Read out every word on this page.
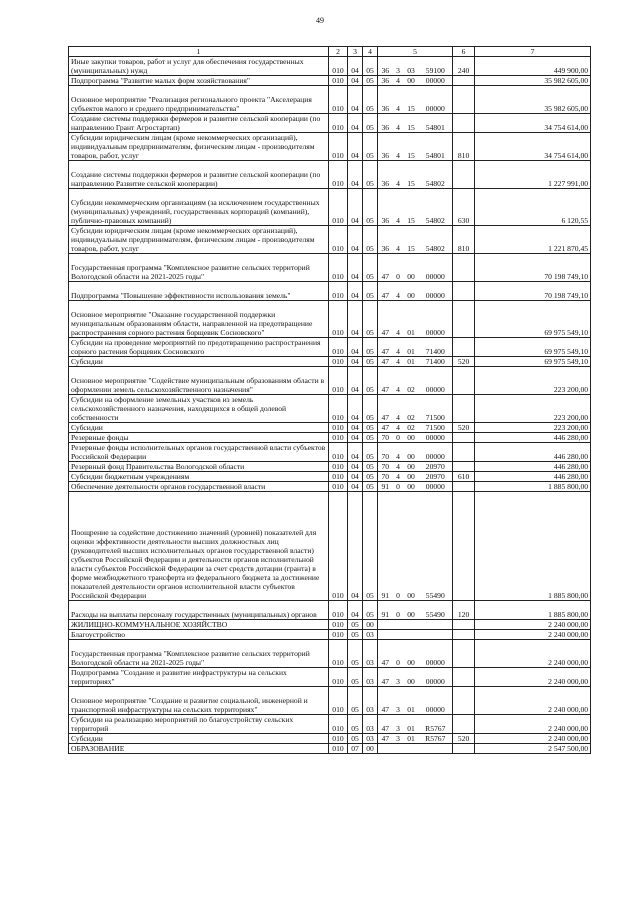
49
1	2	3	4	5				6	7
Иные закупки товаров, работ и услуг для обеспечения государственных (муниципальных) нужд	010	04	05	36	3	03	59100	240	449 900,00
Подпрограмма "Развитие малых форм хозяйствования"	010	04	05	36	4	00	00000		35 982 605,00
Основное мероприятие "Реализация регионального проекта "Акселерация субъектов малого и среднего предпринимательства"	010	04	05	36	4	15	00000		35 982 605,00
Создание системы поддержки фермеров и развитие сельской кооперации (по направлению Грант Агростартап)	010	04	05	36	4	15	54801		34 754 614,00
Субсидии юридическим лицам (кроме некоммерческих организаций), индивидуальным предпринимателям, физическим лицам - производителям товаров, работ, услуг	010	04	05	36	4	15	54801	810	34 754 614,00
Создание системы поддержки фермеров и развитие сельской кооперации (по направлению Развитие сельской кооперации)	010	04	05	36	4	15	54802		1 227 991,00
Субсидии некоммерческим организациям (за исключением государственных (муниципальных) учреждений, государственных корпораций (компаний), публично-правовых компаний)	010	04	05	36	4	15	54802	630	6 120,55
Субсидии юридическим лицам (кроме некоммерческих организаций), индивидуальным предпринимателям, физическим лицам - производителям товаров, работ, услуг	010	04	05	36	4	15	54802	810	1 221 870,45
Государственная программа "Комплексное развитие сельских территорий Вологодской области на 2021-2025 годы"	010	04	05	47	0	00	00000		70 198 749,10
Подпрограмма "Повышение эффективности использования земель"	010	04	05	47	4	00	00000		70 198 749,10
Основное мероприятие "Оказание государственной поддержки муниципальным образованиям области, направленной на предотвращение распространения сорного растения борщевик Сосновского"	010	04	05	47	4	01	00000		69 975 549,10
Субсидии на проведение мероприятий по предотвращению распространения сорного растения борщевик Сосновского	010	04	05	47	4	01	71400		69 975 549,10
Субсидии	010	04	05	47	4	01	71400	520	69 975 549,10
Основное мероприятие "Содействие муниципальным образованиям области в оформлении земель сельскохозяйственного назначения"	010	04	05	47	4	02	00000		223 200,00
Субсидии на оформление земельных участков из земель сельскохозяйственного назначения, находящихся в общей долевой собственности	010	04	05	47	4	02	71500		223 200,00
Субсидии	010	04	05	47	4	02	71500	520	223 200,00
Резервные фонды	010	04	05	70	0	00	00000		446 280,00
Резервные фонды исполнительных органов государственной власти субъектов Российской Федерации	010	04	05	70	4	00	00000		446 280,00
Резервный фонд Правительства Вологодской области	010	04	05	70	4	00	20970		446 280,00
Субсидии бюджетным учреждениям	010	04	05	70	4	00	20970	610	446 280,00
Обеспечение деятельности органов государственной власти	010	04	05	91	0	00	00000		1 885 800,00
Поощрение за содействие достижению значений (уровней) показателей для оценки эффективности деятельности высших должностных лиц (руководителей высших исполнительных органов государственной власти) субъектов Российской Федерации и деятельности органов исполнительной власти субъектов Российской Федерации за счет средств дотации (гранта) в форме межбюджетного трансферта из федерального бюджета за достижение показателей деятельности органов исполнительной власти субъектов Российской Федерации	010	04	05	91	0	00	55490		1 885 800,00
Расходы на выплаты персоналу государственных (муниципальных) органов	010	04	05	91	0	00	55490	120	1 885 800,00
ЖИЛИЩНО-КОММУНАЛЬНОЕ ХОЗЯЙСТВО	010	05	00						2 240 000,00
Благоустройство	010	05	03						2 240 000,00
Государственная программа "Комплексное развитие сельских территорий Вологодской области на 2021-2025 годы"	010	05	03	47	0	00	00000		2 240 000,00
Подпрограмма "Создание и развитие инфраструктуры на сельских территориях"	010	05	03	47	3	00	00000		2 240 000,00
Основное мероприятие "Создание и развитие социальной, инженерной и транспортной инфраструктуры на сельских территориях"	010	05	03	47	3	01	00000		2 240 000,00
Субсидии на реализацию мероприятий по благоустройству сельских территорий	010	05	03	47	3	01	R5767		2 240 000,00
Субсидии	010	05	03	47	3	01	R5767	520	2 240 000,00
ОБРАЗОВАНИЕ	010	07	00						2 547 500,00
